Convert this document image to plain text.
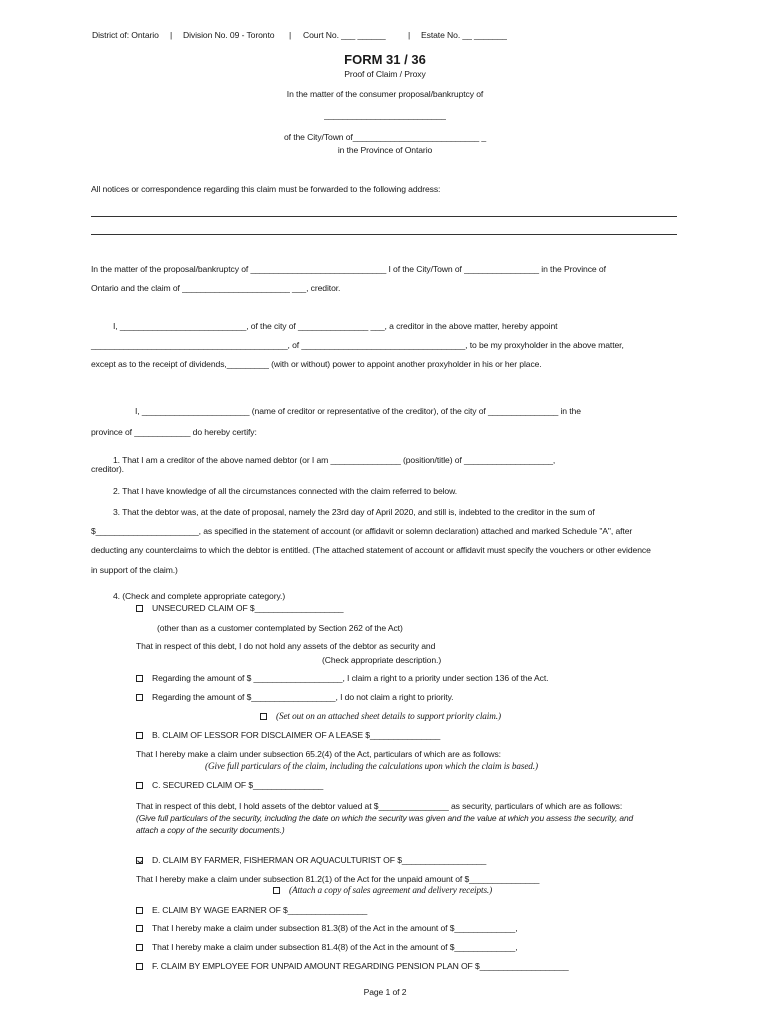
District of: Ontario | Division No. 09 - Toronto | Court No. ___ ______	| Estate No. __ _______
FORM 31 / 36
Proof of Claim / Proxy
In the matter of the consumer proposal/bankruptcy of
__________________________
of the City/Town of___________________________ _
in the Province of Ontario
All notices or correspondence regarding this claim must be forwarded to the following address:
In the matter of the proposal/bankruptcy of _____________________________ I of the City/Town of ________________ in the Province of
Ontario and the claim of _______________________ ___, creditor.
I, ___________________________, of the city of _______________ ___, a creditor in the above matter, hereby appoint
__________________________________________, of ___________________________________, to be my proxyholder in the above matter,
except as to the receipt of dividends,_________ (with or without) power to appoint another proxyholder in his or her place.
I, _______________________ (name of creditor or representative of the creditor), of the city of _______________ in the
province of ____________ do hereby certify:
1. That I am a creditor of the above named debtor (or I am _______________ (position/title) of ___________________,
creditor).
2. That I have knowledge of all the circumstances connected with the claim referred to below.
3. That the debtor was, at the date of proposal, namely the 23rd day of April 2020, and still is, indebted to the creditor in the sum of
$______________________, as specified in the statement of account (or affidavit or solemn declaration) attached and marked Schedule "A", after
deducting any counterclaims to which the debtor is entitled. (The attached statement of account or affidavit must specify the vouchers or other evidence
in support of the claim.)
4. (Check and complete appropriate category.)
UNSECURED CLAIM OF $___________________
(other than as a customer contemplated by Section 262 of the Act)
That in respect of this debt, I do not hold any assets of the debtor as security and
(Check appropriate description.)
Regarding the amount of $ ___________________, I claim a right to a priority under section 136 of the Act.
Regarding the amount of $__________________, I do not claim a right to priority.
(Set out on an attached sheet details to support priority claim.)
B. CLAIM OF LESSOR FOR DISCLAIMER OF A LEASE $_______________
That I hereby make a claim under subsection 65.2(4) of the Act, particulars of which are as follows:
(Give full particulars of the claim, including the calculations upon which the claim is based.)
C. SECURED CLAIM OF $_______________
That in respect of this debt, I hold assets of the debtor valued at $_______________ as security, particulars of which are as follows:
(Give full particulars of the security, including the date on which the security was given and the value at which you assess the security, and
attach a copy of the security documents.)
D. CLAIM BY FARMER, FISHERMAN OR AQUACULTURIST OF $__________________
That I hereby make a claim under subsection 81.2(1) of the Act for the unpaid amount of $_______________
(Attach a copy of sales agreement and delivery receipts.)
E. CLAIM BY WAGE EARNER OF $_________________
That I hereby make a claim under subsection 81.3(8) of the Act in the amount of $_____________,
That I hereby make a claim under subsection 81.4(8) of the Act in the amount of $_____________,
F. CLAIM BY EMPLOYEE FOR UNPAID AMOUNT REGARDING PENSION PLAN OF $___________________
Page 1 of 2
